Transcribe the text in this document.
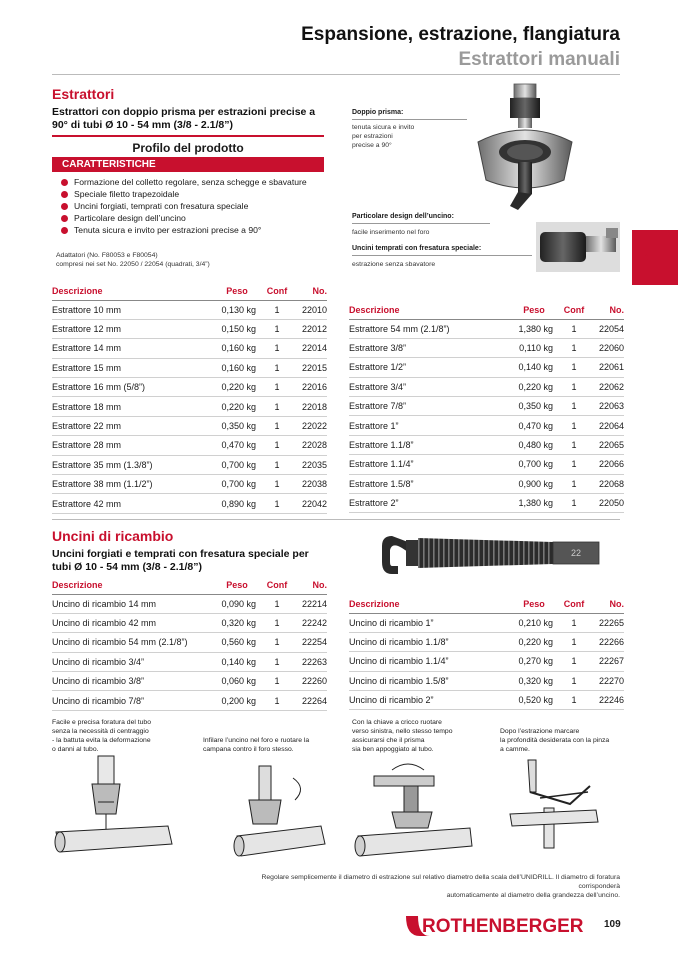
Espansione, estrazione, flangiatura
Estrattori manuali
Estrattori
Estrattori con doppio prisma per estrazioni precise a 90° di tubi Ø 10 - 54 mm (3/8 - 2.1/8”)
Profilo del prodotto
CARATTERISTICHE
Formazione del colletto regolare, senza schegge e sbavature
Speciale filetto trapezoidale
Uncini forgiati, temprati con fresatura speciale
Particolare design dell’uncino
Tenuta sicura e invito per estrazioni precise a 90°
Adattatori (No. F80053 e F80054)
compresi nei set No. 22050 / 22054 (quadrati, 3/4”)
Doppio prisma:
tenuta sicura e invito
per estrazioni
precise a 90°
Particolare design dell’uncino:
facile inserimento nel foro
Uncini temprati con fresatura speciale:
estrazione senza sbavatore
4
Descrizione	Peso	Conf	No.
Estrattore 10 mm	0,130 kg	1	22010
Estrattore 12 mm	0,150 kg	1	22012
Estrattore 14 mm	0,160 kg	1	22014
Estrattore 15 mm	0,160 kg	1	22015
Estrattore 16 mm (5/8”)	0,220 kg	1	22016
Estrattore 18 mm	0,220 kg	1	22018
Estrattore 22 mm	0,350 kg	1	22022
Estrattore 28 mm	0,470 kg	1	22028
Estrattore 35 mm (1.3/8”)	0,700 kg	1	22035
Estrattore 38 mm (1.1/2”)	0,700 kg	1	22038
Estrattore 42 mm	0,890 kg	1	22042
Descrizione	Peso	Conf	No.
Estrattore 54 mm (2.1/8”)	1,380 kg	1	22054
Estrattore 3/8”	0,110 kg	1	22060
Estrattore 1/2”	0,140 kg	1	22061
Estrattore 3/4”	0,220 kg	1	22062
Estrattore 7/8”	0,350 kg	1	22063
Estrattore 1”	0,470 kg	1	22064
Estrattore 1.1/8”	0,480 kg	1	22065
Estrattore 1.1/4”	0,700 kg	1	22066
Estrattore 1.5/8”	0,900 kg	1	22068
Estrattore 2”	1,380 kg	1	22050
Uncini di ricambio
Uncini forgiati e temprati con fresatura speciale per tubi Ø 10 - 54 mm (3/8 - 2.1/8”)
22
Descrizione	Peso	Conf	No.
Uncino di ricambio 14 mm	0,090 kg	1	22214
Uncino di ricambio 42 mm	0,320 kg	1	22242
Uncino di ricambio 54 mm (2.1/8”)	0,560 kg	1	22254
Uncino di ricambio 3/4”	0,140 kg	1	22263
Uncino di ricambio 3/8”	0,060 kg	1	22260
Uncino di ricambio 7/8”	0,200 kg	1	22264
Descrizione	Peso	Conf	No.
Uncino di ricambio 1”	0,210 kg	1	22265
Uncino di ricambio 1.1/8”	0,220 kg	1	22266
Uncino di ricambio 1.1/4”	0,270 kg	1	22267
Uncino di ricambio 1.5/8”	0,320 kg	1	22270
Uncino di ricambio 2”	0,520 kg	1	22246
Facile e precisa foratura del tubo
senza la necessità di centraggio
- la battuta evita la deformazione
o danni al tubo.
Infilare l’uncino nel foro e ruotare la
campana contro il foro stesso.
Con la chiave a cricco ruotare
verso sinistra, nello stesso tempo
assicurarsi che il prisma
sia ben appoggiato al tubo.
Dopo l’estrazione marcare
la profondità desiderata con la pinza
a camme.
Regolare semplicemente il diametro di estrazione sul relativo diametro della scala dell’UNIDRILL. Il diametro di foratura corrisponderà
automaticamente al diametro della grandezza dell’uncino.
ROTHENBERGER 109
